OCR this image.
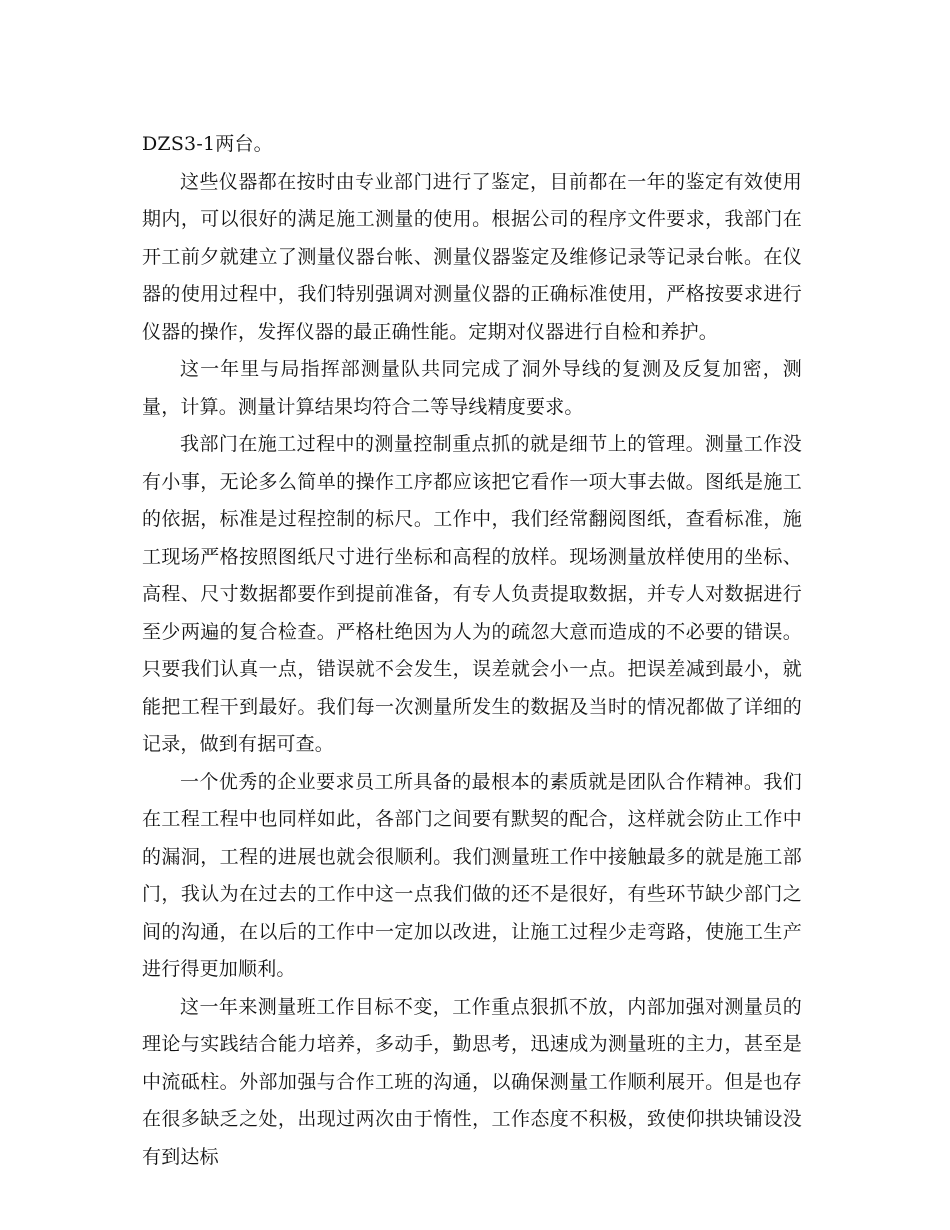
DZS3-1两台。

这些仪器都在按时由专业部门进行了鉴定，目前都在一年的鉴定有效使用期内，可以很好的满足施工测量的使用。根据公司的程序文件要求，我部门在开工前夕就建立了测量仪器台帐、测量仪器鉴定及维修记录等记录台帐。在仪器的使用过程中，我们特别强调对测量仪器的正确标准使用，严格按要求进行仪器的操作，发挥仪器的最正确性能。定期对仪器进行自检和养护。

这一年里与局指挥部测量队共同完成了洞外导线的复测及反复加密，测量，计算。测量计算结果均符合二等导线精度要求。

我部门在施工过程中的测量控制重点抓的就是细节上的管理。测量工作没有小事，无论多么简单的操作工序都应该把它看作一项大事去做。图纸是施工的依据，标准是过程控制的标尺。工作中，我们经常翻阅图纸，查看标准，施工现场严格按照图纸尺寸进行坐标和高程的放样。现场测量放样使用的坐标、高程、尺寸数据都要作到提前准备，有专人负责提取数据，并专人对数据进行至少两遍的复合检查。严格杜绝因为人为的疏忽大意而造成的不必要的错误。只要我们认真一点，错误就不会发生，误差就会小一点。把误差减到最小，就能把工程干到最好。我们每一次测量所发生的数据及当时的情况都做了详细的记录，做到有据可查。

一个优秀的企业要求员工所具备的最根本的素质就是团队合作精神。我们在工程工程中也同样如此，各部门之间要有默契的配合，这样就会防止工作中的漏洞，工程的进展也就会很顺利。我们测量班工作中接触最多的就是施工部门，我认为在过去的工作中这一点我们做的还不是很好，有些环节缺少部门之间的沟通，在以后的工作中一定加以改进，让施工过程少走弯路，使施工生产进行得更加顺利。

这一年来测量班工作目标不变，工作重点狠抓不放，内部加强对测量员的理论与实践结合能力培养，多动手，勤思考，迅速成为测量班的主力，甚至是中流砥柱。外部加强与合作工班的沟通，以确保测量工作顺利展开。但是也存在很多缺乏之处，出现过两次由于惰性，工作态度不积极，致使仰拱块铺设没有到达标
